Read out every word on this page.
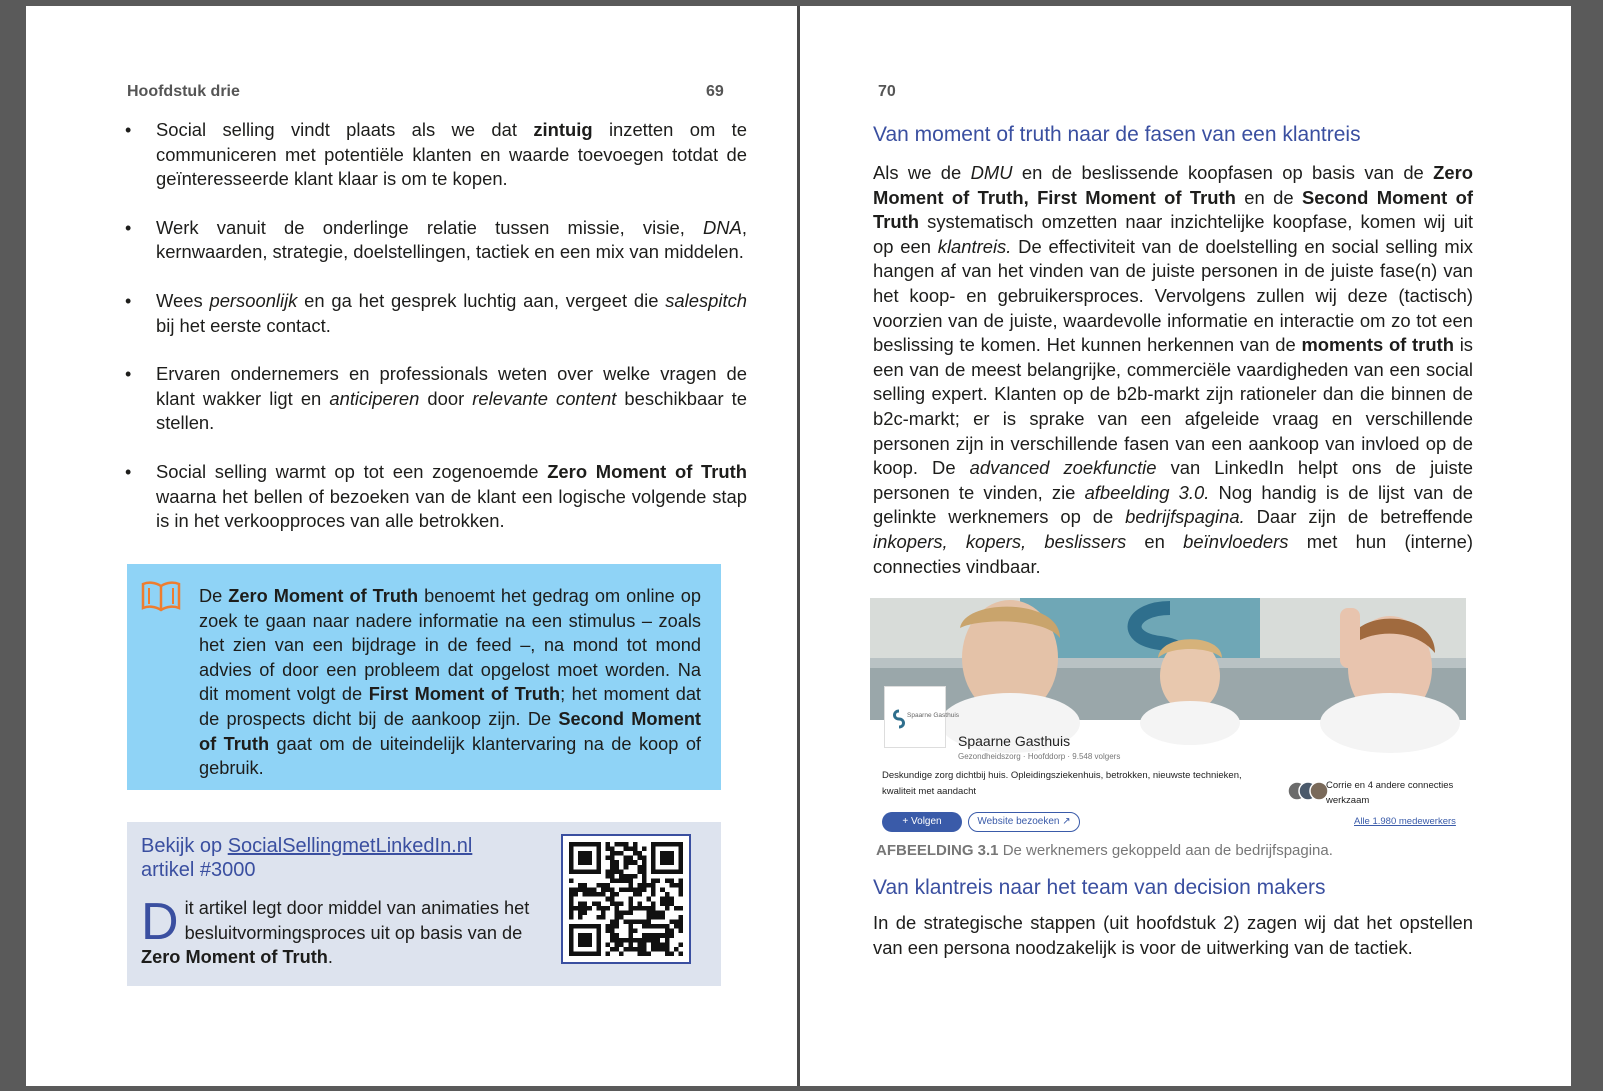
Hoofdstuk drie	69
• Social selling vindt plaats als we dat zintuig inzetten om te communiceren met potentiële klanten en waarde toevoegen totdat de geïnteresseerde klant klaar is om te kopen.
• Werk vanuit de onderlinge relatie tussen missie, visie, DNA, kernwaarden, strategie, doelstellingen, tactiek en een mix van middelen.
• Wees persoonlijk en ga het gesprek luchtig aan, vergeet die salespitch bij het eerste contact.
• Ervaren ondernemers en professionals weten over welke vragen de klant wakker ligt en anticiperen door relevante content beschikbaar te stellen.
• Social selling warmt op tot een zogenoemde Zero Moment of Truth waarna het bellen of bezoeken van de klant een logische volgende stap is in het verkoopproces van alle betrokken.
De Zero Moment of Truth benoemt het gedrag om online op zoek te gaan naar nadere informatie na een stimulus – zoals het zien van een bijdrage in de feed –, na mond tot mond advies of door een probleem dat opgelost moet worden. Na dit moment volgt de First Moment of Truth; het moment dat de prospects dicht bij de aankoop zijn. De Second Moment of Truth gaat om de uiteindelijk klantervaring na de koop of gebruik.
Bekijk op SocialSellingmetLinkedIn.nl
artikel #3000
Dit artikel legt door middel van animaties het besluitvormingsproces uit op basis van de Zero Moment of Truth.
70
Van moment of truth naar de fasen van een klantreis

Als we de DMU en de beslissende koopfasen op basis van de Zero Moment of Truth, First Moment of Truth en de Second Moment of Truth systematisch omzetten naar inzichtelijke koopfase, komen wij uit op een klantreis. De effectiviteit van de doelstelling en social selling mix hangen af van het vinden van de juiste personen in de juiste fase(n) van het koop- en gebruikersproces. Vervolgens zullen wij deze (tactisch) voorzien van de juiste, waardevolle informatie en interactie om zo tot een beslissing te komen. Het kunnen herkennen van de moments of truth is een van de meest belangrijke, commerciële vaardigheden van een social selling expert. Klanten op de b2b-markt zijn rationeler dan die binnen de b2c-markt; er is sprake van een afgeleide vraag en verschillende personen zijn in verschillende fasen van een aankoop van invloed op de koop. De advanced zoekfunctie van LinkedIn helpt ons de juiste personen te vinden, zie afbeelding 3.0. Nog handig is de lijst van de gelinkte werknemers op de bedrijfspagina. Daar zijn de betreffende inkopers, kopers, beslissers en beïnvloeders met hun (interne) connecties vindbaar.

Spaarne Gasthuis
Spaarne Gasthuis
Gezondheidszorg · Hoofddorp · 9.548 volgers
Deskundige zorg dichtbij huis. Opleidingsziekenhuis, betrokken, nieuwste technieken, kwaliteit met aandacht
Corrie en 4 andere connecties werkzaam
+ Volgen	Website bezoeken ↗	Alle 1.980 medewerkers
AFBEELDING 3.1 De werknemers gekoppeld aan de bedrijfspagina.
Van klantreis naar het team van decision makers

In de strategische stappen (uit hoofdstuk 2) zagen wij dat het opstellen van een persona noodzakelijk is voor de uitwerking van de tactiek.
